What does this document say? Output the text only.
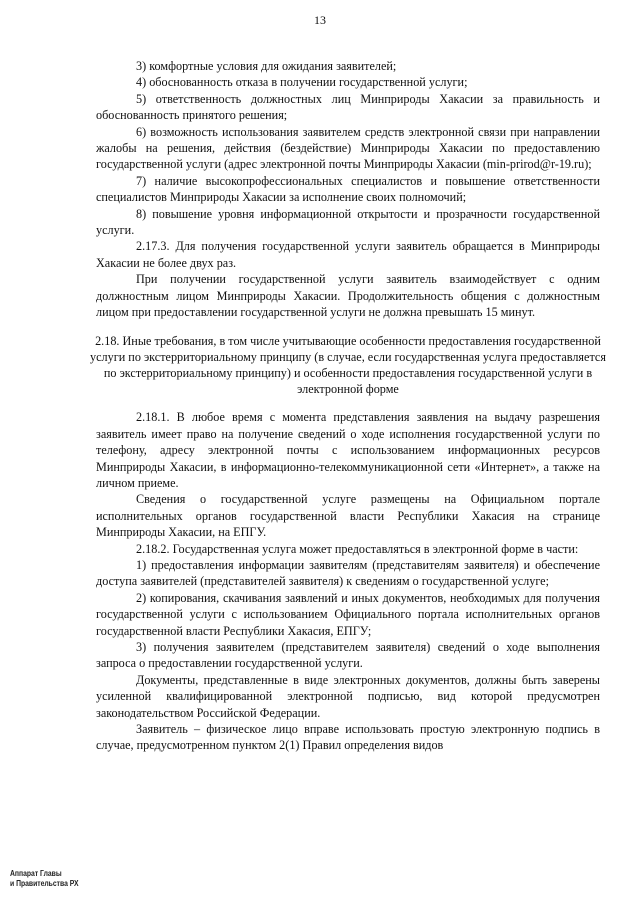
13

3) комфортные условия для ожидания заявителей;

4) обоснованность отказа в получении государственной услуги;

5) ответственность должностных лиц Минприроды Хакасии за правильность и обоснованность принятого решения;

6) возможность использования заявителем средств электронной связи при направлении жалобы на решения, действия (бездействие) Минприроды Хакасии по предоставлению государственной услуги (адрес электронной почты Минприроды Хакасии (min-prirod@r-19.ru);

7) наличие высокопрофессиональных специалистов и повышение ответственности специалистов Минприроды Хакасии за исполнение своих полномочий;

8) повышение уровня информационной открытости и прозрачности государственной услуги.

2.17.3. Для получения государственной услуги заявитель обращается в Минприроды Хакасии не более двух раз.

При получении государственной услуги заявитель взаимодействует с одним должностным лицом Минприроды Хакасии. Продолжительность общения с должностным лицом при предоставлении государственной услуги не должна превышать 15 минут.

2.18. Иные требования, в том числе учитывающие особенности предоставления государственной услуги по экстерриториальному принципу (в случае, если государственная услуга предоставляется по экстерриториальному принципу) и особенности предоставления государственной услуги в электронной форме

2.18.1. В любое время с момента представления заявления на выдачу разрешения заявитель имеет право на получение сведений о ходе исполнения государственной услуги по телефону, адресу электронной почты с использованием информационных ресурсов Минприроды Хакасии, в информационно-телекоммуникационной сети «Интернет», а также на личном приеме.

Сведения о государственной услуге размещены на Официальном портале исполнительных органов государственной власти Республики Хакасия на странице Минприроды Хакасии, на ЕПГУ.

2.18.2. Государственная услуга может предоставляться в электронной форме в части:

1) предоставления информации заявителям (представителям заявителя) и обеспечение доступа заявителей (представителей заявителя) к сведениям о государственной услуге;

2) копирования, скачивания заявлений и иных документов, необходимых для получения государственной услуги с использованием Официального портала исполнительных органов государственной власти Республики Хакасия, ЕПГУ;

3) получения заявителем (представителем заявителя) сведений о ходе выполнения запроса о предоставлении государственной услуги.

Документы, представленные в виде электронных документов, должны быть заверены усиленной квалифицированной электронной подписью, вид которой предусмотрен законодательством Российской Федерации.

Заявитель – физическое лицо вправе использовать простую электронную подпись в случае, предусмотренном пунктом 2(1) Правил определения видов

Аппарат Главы
и Правительства РХ
